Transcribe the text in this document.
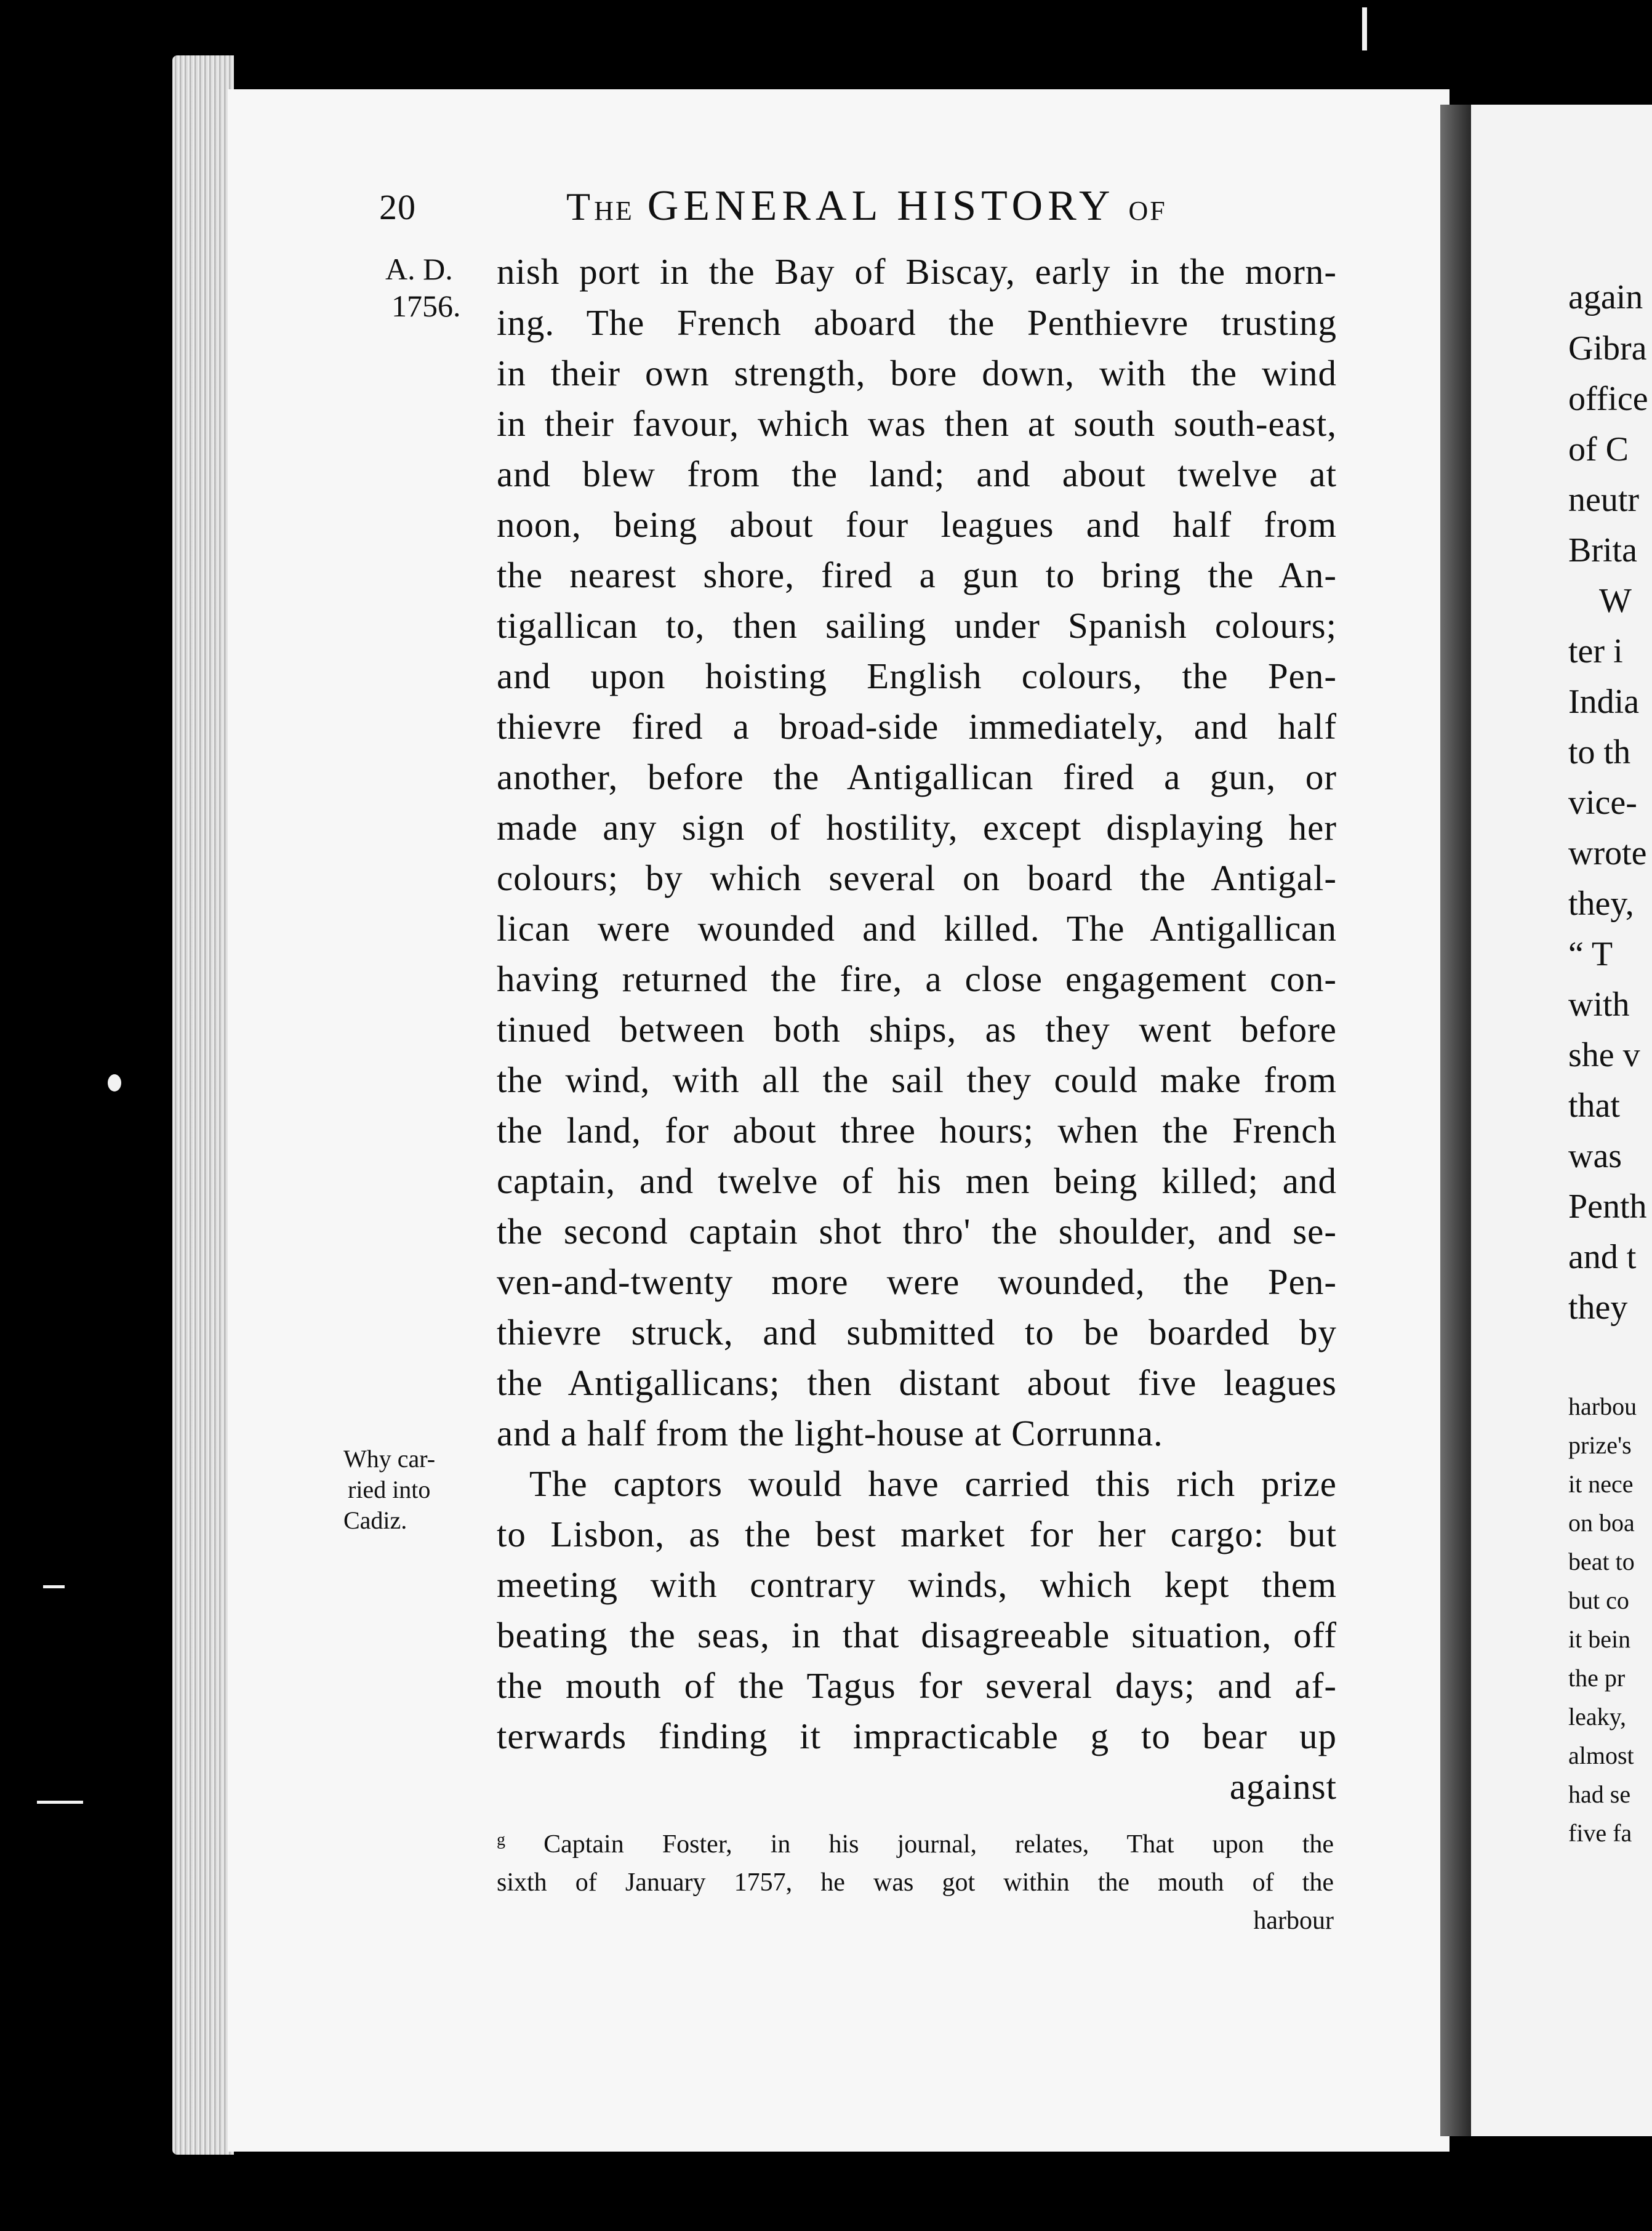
20	THE GENERAL HISTORY OF
A. D.
1756.
Why car-
ried into
Cadiz.
nish port in the Bay of Biscay, early in the morn-
ing. The French aboard the Penthievre trusting
in their own strength, bore down, with the wind
in their favour, which was then at south south-east,
and blew from the land; and about twelve at
noon, being about four leagues and half from
the nearest shore, fired a gun to bring the An-
tigallican to, then sailing under Spanish colours;
and upon hoisting English colours, the Pen-
thievre fired a broad-side immediately, and half
another, before the Antigallican fired a gun, or
made any sign of hostility, except displaying her
colours; by which several on board the Antigal-
lican were wounded and killed. The Antigallican
having returned the fire, a close engagement con-
tinued between both ships, as they went before
the wind, with all the sail they could make from
the land, for about three hours; when the French
captain, and twelve of his men being killed; and
the second captain shot thro' the shoulder, and se-
ven-and-twenty more were wounded, the Pen-
thievre struck, and submitted to be boarded by
the Antigallicans; then distant about five leagues
and a half from the light-house at Corrunna.
The captors would have carried this rich prize
to Lisbon, as the best market for her cargo: but
meeting with contrary winds, which kept them
beating the seas, in that disagreeable situation, off
the mouth of the Tagus for several days; and af-
terwards finding it impracticable g to bear up
against
$^g$ Captain Foster, in his journal, relates, That upon the
sixth of January 1757, he was got within the mouth of the
harbour
again
Gibra
office
of C
neutr
Brita
W
ter i
India
to th
vice-
wrote
they,
“ T
with
she v
that
was
Penth
and t
they
harbou
prize's
it nece
on boa
beat to
but co
it bein
the pr
leaky,
almost
had se
five fa
